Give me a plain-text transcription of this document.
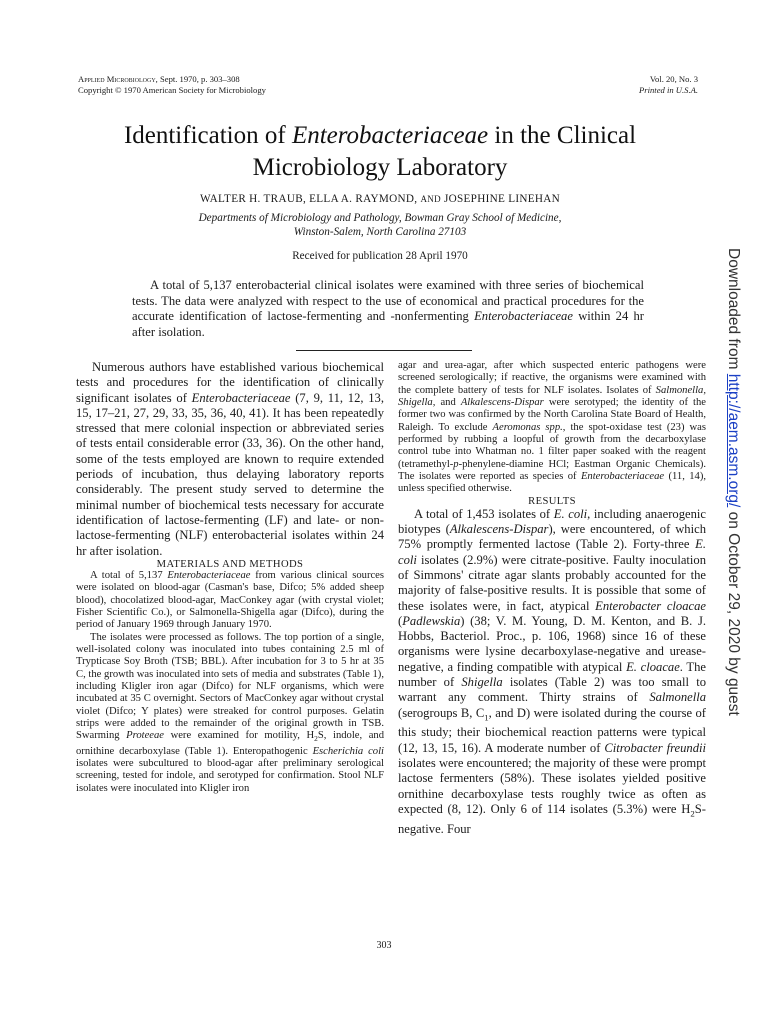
Applied Microbiology, Sept. 1970, p. 303–308
Copyright © 1970 American Society for Microbiology
Vol. 20, No. 3
Printed in U.S.A.
Identification of Enterobacteriaceae in the Clinical Microbiology Laboratory
WALTER H. TRAUB, ELLA A. RAYMOND, AND JOSEPHINE LINEHAN
Departments of Microbiology and Pathology, Bowman Gray School of Medicine,
Winston-Salem, North Carolina 27103
Received for publication 28 April 1970
A total of 5,137 enterobacterial clinical isolates were examined with three series of biochemical tests. The data were analyzed with respect to the use of economical and practical procedures for the accurate identification of lactose-fermenting and -nonfermenting Enterobacteriaceae within 24 hr after isolation.

Numerous authors have established various biochemical tests and procedures for the identification of clinically significant isolates of Enterobacteriaceae (7, 9, 11, 12, 13, 15, 17–21, 27, 29, 33, 35, 36, 40, 41). It has been repeatedly stressed that mere colonial inspection or abbreviated series of tests entail considerable error (33, 36). On the other hand, some of the tests employed are known to require extended periods of incubation, thus delaying laboratory reports considerably. The present study served to determine the minimal number of biochemical tests necessary for accurate identification of lactose-fermenting (LF) and late- or non-lactose-fermenting (NLF) enterobacterial isolates within 24 hr after isolation.

MATERIALS AND METHODS

A total of 5,137 Enterobacteriaceae from various clinical sources were isolated on blood-agar (Casman's base, Difco; 5% added sheep blood), chocolatized blood-agar, MacConkey agar (with crystal violet; Fisher Scientific Co.), or Salmonella-Shigella agar (Difco), during the period of January 1969 through January 1970.

The isolates were processed as follows. The top portion of a single, well-isolated colony was inoculated into tubes containing 2.5 ml of Trypticase Soy Broth (TSB; BBL). After incubation for 3 to 5 hr at 35 C, the growth was inoculated into sets of media and substrates (Table 1), including Kligler iron agar (Difco) for NLF organisms, which were incubated at 35 C overnight. Sectors of MacConkey agar without crystal violet (Difco; Y plates) were streaked for control purposes. Gelatin strips were added to the remainder of the original growth in TSB. Swarming Proteeae were examined for motility, $H_2S$, indole, and ornithine decarboxylase (Table 1). Enteropathogenic Escherichia coli isolates were subcultured to blood-agar after preliminary serological screening, tested for indole, and serotyped for confirmation. Stool NLF isolates were inoculated into Kligler iron

agar and urea-agar, after which suspected enteric pathogens were screened serologically; if reactive, the organisms were examined with the complete battery of tests for NLF isolates. Isolates of Salmonella, Shigella, and Alkalescens-Dispar were serotyped; the identity of the former two was confirmed by the North Carolina State Board of Health, Raleigh. To exclude Aeromonas spp., the spot-oxidase test (23) was performed by rubbing a loopful of growth from the decarboxylase control tube into Whatman no. 1 filter paper soaked with the reagent (tetramethyl-p-phenylene-diamine HCl; Eastman Organic Chemicals). The isolates were reported as species of Enterobacteriaceae (11, 14), unless specified otherwise.

RESULTS

A total of 1,453 isolates of E. coli, including anaerogenic biotypes (Alkalescens-Dispar), were encountered, of which 75% promptly fermented lactose (Table 2). Forty-three E. coli isolates (2.9%) were citrate-positive. Faulty inoculation of Simmons' citrate agar slants probably accounted for the majority of false-positive results. It is possible that some of these isolates were, in fact, atypical Enterobacter cloacae (Padlewskia) (38; V. M. Young, D. M. Kenton, and B. J. Hobbs, Bacteriol. Proc., p. 106, 1968) since 16 of these organisms were lysine decarboxylase-negative and urease-negative, a finding compatible with atypical E. cloacae. The number of Shigella isolates (Table 2) was too small to warrant any comment. Thirty strains of Salmonella (serogroups B, $C_1$, and D) were isolated during the course of this study; their biochemical reaction patterns were typical (12, 13, 15, 16). A moderate number of Citrobacter freundii isolates were encountered; the majority of these were prompt lactose fermenters (58%). These isolates yielded positive ornithine decarboxylase tests roughly twice as often as expected (8, 12). Only 6 of 114 isolates (5.3%) were $H_2S$-negative. Four

303
Downloaded from http://aem.asm.org/ on October 29, 2020 by guest
